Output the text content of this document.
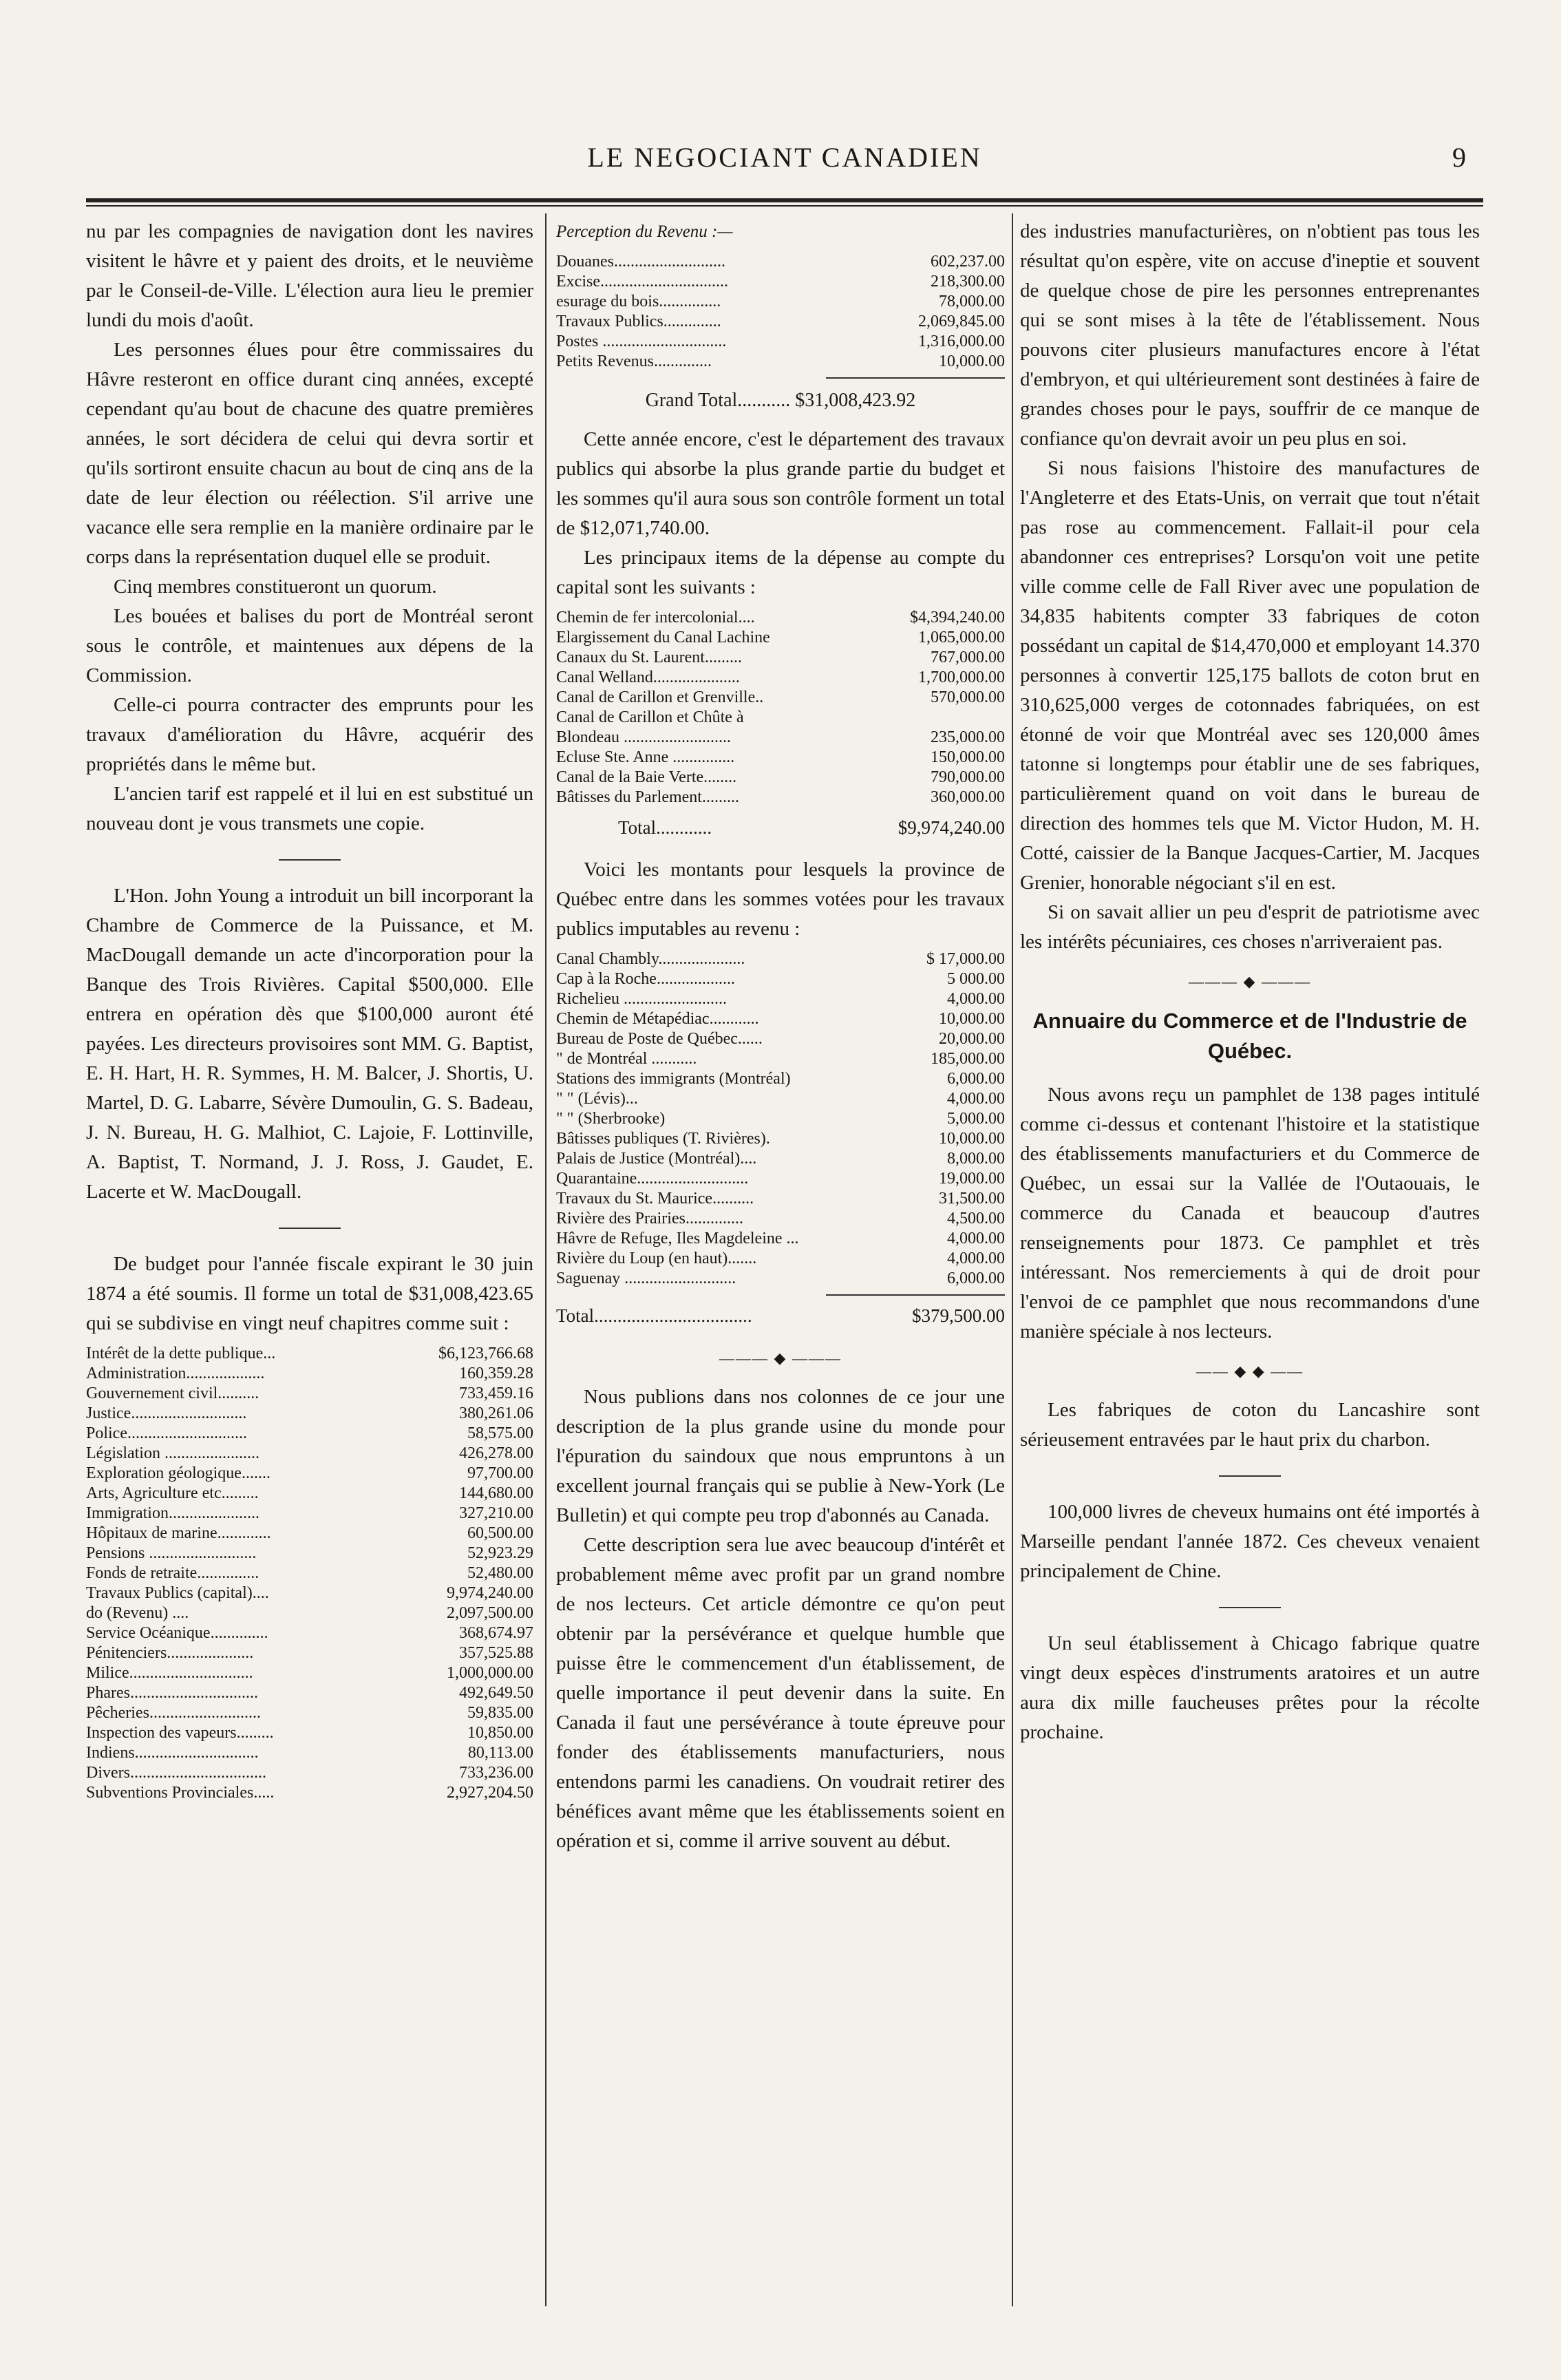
LE NEGOCIANT CANADIEN	9

nu par les compagnies de navigation dont les navires visitent le hâvre et y paient des droits, et le neuvième par le Conseil-de-Ville. L'élection aura lieu le premier lundi du mois d'août.

Les personnes élues pour être commissaires du Hâvre resteront en office durant cinq années, excepté cependant qu'au bout de chacune des quatre premières années, le sort décidera de celui qui devra sortir et qu'ils sortiront ensuite chacun au bout de cinq ans de la date de leur élection ou réélection. S'il arrive une vacance elle sera remplie en la manière ordinaire par le corps dans la représentation duquel elle se produit.

Cinq membres constitueront un quorum.

Les bouées et balises du port de Montréal seront sous le contrôle, et maintenues aux dépens de la Commission.

Celle-ci pourra contracter des emprunts pour les travaux d'amélioration du Hâvre, acquérir des propriétés dans le même but.

L'ancien tarif est rappelé et il lui en est substitué un nouveau dont je vous transmets une copie.

L'Hon. John Young a introduit un bill incorporant la Chambre de Commerce de la Puissance, et M. MacDougall demande un acte d'incorporation pour la Banque des Trois Rivières. Capital $500,000. Elle entrera en opération dès que $100,000 auront été payées. Les directeurs provisoires sont MM. G. Baptist, E. H. Hart, H. R. Symmes, H. M. Balcer, J. Shortis, U. Martel, D. G. Labarre, Sévère Dumoulin, G. S. Badeau, J. N. Bureau, H. G. Malhiot, C. Lajoie, F. Lottinville, A. Baptist, T. Normand, J. J. Ross, J. Gaudet, E. Lacerte et W. MacDougall.

De budget pour l'année fiscale expirant le 30 juin 1874 a été soumis. Il forme un total de $31,008,423.65 qui se subdivise en vingt neuf chapitres comme suit :

Intérêt de la dette publique...	$6,123,766.68
Administration...................	160,359.28
Gouvernement civil..........	733,459.16
Justice............................	380,261.06
Police.............................	58,575.00
Législation .......................	426,278.00
Exploration géologique.......	97,700.00
Arts, Agriculture etc.........	144,680.00
Immigration......................	327,210.00
Hôpitaux de marine.............	60,500.00
Pensions ..........................	52,923.29
Fonds de retraite...............	52,480.00
Travaux Publics (capital)....	9,974,240.00
do (Revenu) ....	2,097,500.00
Service Océanique..............	368,674.97
Pénitenciers.....................	357,525.88
Milice..............................	1,000,000.00
Phares...............................	492,649.50
Pêcheries...........................	59,835.00
Inspection des vapeurs.........	10,850.00
Indiens..............................	80,113.00
Divers.................................	733,236.00
Subventions Provinciales.....	2,927,204.50
Perception du Revenu :—
Douanes...........................	602,237.00
Excise...............................	218,300.00
esurage du bois...............	78,000.00
Travaux Publics..............	2,069,845.00
Postes ..............................	1,316,000.00
Petits Revenus..............	10,000.00
Grand Total........... $31,008,423.92

Cette année encore, c'est le département des travaux publics qui absorbe la plus grande partie du budget et les sommes qu'il aura sous son contrôle forment un total de $12,071,740.00.

Les principaux items de la dépense au compte du capital sont les suivants :

Chemin de fer intercolonial....	$4,394,240.00
Elargissement du Canal Lachine	1,065,000.00
Canaux du St. Laurent.........	767,000.00
Canal Welland.....................	1,700,000.00
Canal de Carillon et Grenville..	570,000.00
Canal de Carillon et Chûte à	
Blondeau ..........................	235,000.00
Ecluse Ste. Anne ...............	150,000.00
Canal de la Baie Verte........	790,000.00
Bâtisses du Parlement.........	360,000.00
Total............	$9,974,240.00

Voici les montants pour lesquels la province de Québec entre dans les sommes votées pour les travaux publics imputables au revenu :

Canal Chambly.....................	$ 17,000.00
Cap à la Roche...................	5 000.00
Richelieu .........................	4,000.00
Chemin de Métapédiac............	10,000.00
Bureau de Poste de Québec......	20,000.00
" de Montréal ...........	185,000.00
Stations des immigrants (Montréal)	6,000.00
" " (Lévis)...	4,000.00
" " (Sherbrooke)	5,000.00
Bâtisses publiques (T. Rivières).	10,000.00
Palais de Justice (Montréal)....	8,000.00
Quarantaine...........................	19,000.00
Travaux du St. Maurice..........	31,500.00
Rivière des Prairies..............	4,500.00
Hâvre de Refuge, Iles Magdeleine ...	4,000.00
Rivière du Loup (en haut).......	4,000.00
Saguenay ...........................	6,000.00
Total..................................	$379,500.00
——— ◆ ———

Nous publions dans nos colonnes de ce jour une description de la plus grande usine du monde pour l'épuration du saindoux que nous empruntons à un excellent journal français qui se publie à New-York (Le Bulletin) et qui compte peu trop d'abonnés au Canada.

Cette description sera lue avec beaucoup d'intérêt et probablement même avec profit par un grand nombre de nos lecteurs. Cet article démontre ce qu'on peut obtenir par la persévérance et quelque humble que puisse être le commencement d'un établissement, de quelle importance il peut devenir dans la suite. En Canada il faut une persévérance à toute épreuve pour fonder des établissements manufacturiers, nous entendons parmi les canadiens. On voudrait retirer des bénéfices avant même que les établissements soient en opération et si, comme il arrive souvent au début.

des industries manufacturières, on n'obtient pas tous les résultat qu'on espère, vite on accuse d'ineptie et souvent de quelque chose de pire les personnes entreprenantes qui se sont mises à la tête de l'établissement. Nous pouvons citer plusieurs manufactures encore à l'état d'embryon, et qui ultérieurement sont destinées à faire de grandes choses pour le pays, souffrir de ce manque de confiance qu'on devrait avoir un peu plus en soi.

Si nous faisions l'histoire des manufactures de l'Angleterre et des Etats-Unis, on verrait que tout n'était pas rose au commencement. Fallait-il pour cela abandonner ces entreprises? Lorsqu'on voit une petite ville comme celle de Fall River avec une population de 34,835 habitents compter 33 fabriques de coton possédant un capital de $14,470,000 et employant 14.370 personnes à convertir 125,175 ballots de coton brut en 310,625,000 verges de cotonnades fabriquées, on est étonné de voir que Montréal avec ses 120,000 âmes tatonne si longtemps pour établir une de ses fabriques, particulièrement quand on voit dans le bureau de direction des hommes tels que M. Victor Hudon, M. H. Cotté, caissier de la Banque Jacques-Cartier, M. Jacques Grenier, honorable négociant s'il en est.

Si on savait allier un peu d'esprit de patriotisme avec les intérêts pécuniaires, ces choses n'arriveraient pas.

——— ◆ ———
Annuaire du Commerce et de l'Industrie de Québec.

Nous avons reçu un pamphlet de 138 pages intitulé comme ci-dessus et contenant l'histoire et la statistique des établissements manufacturiers et du Commerce de Québec, un essai sur la Vallée de l'Outaouais, le commerce du Canada et beaucoup d'autres renseignements pour 1873. Ce pamphlet et très intéressant. Nos remerciements à qui de droit pour l'envoi de ce pamphlet que nous recommandons d'une manière spéciale à nos lecteurs.

—— ◆ ◆ ——

Les fabriques de coton du Lancashire sont sérieusement entravées par le haut prix du charbon.

100,000 livres de cheveux humains ont été importés à Marseille pendant l'année 1872. Ces cheveux venaient principalement de Chine.

Un seul établissement à Chicago fabrique quatre vingt deux espèces d'instruments aratoires et un autre aura dix mille faucheuses prêtes pour la récolte prochaine.
